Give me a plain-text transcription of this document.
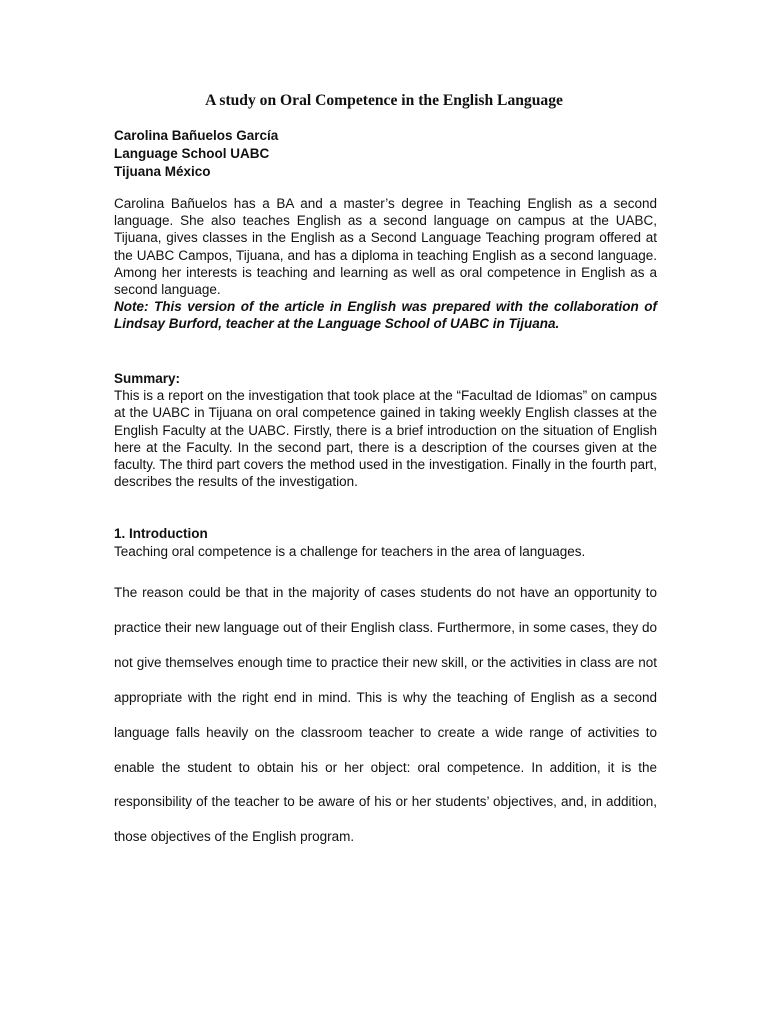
A study on Oral Competence in the English Language
Carolina Bañuelos García
Language School UABC
Tijuana México

Carolina Bañuelos has a BA and a master’s degree in Teaching English as a second language. She also teaches English as a second language on campus at the UABC, Tijuana, gives classes in the English as a Second Language Teaching program offered at the UABC Campos, Tijuana, and has a diploma in teaching English as a second language. Among her interests is teaching and learning as well as oral competence in English as a second language.

Note: This version of the article in English was prepared with the collaboration of Lindsay Burford, teacher at the Language School of UABC in Tijuana.

Summary:

This is a report on the investigation that took place at the “Facultad de Idiomas” on campus at the UABC in Tijuana on oral competence gained in taking weekly English classes at the English Faculty at the UABC. Firstly, there is a brief introduction on the situation of English here at the Faculty. In the second part, there is a description of the courses given at the faculty. The third part covers the method used in the investigation. Finally in the fourth part, describes the results of the investigation.

1. Introduction

Teaching oral competence is a challenge for teachers in the area of languages.

The reason could be that in the majority of cases students do not have an opportunity to practice their new language out of their English class. Furthermore, in some cases, they do not give themselves enough time to practice their new skill, or the activities in class are not appropriate with the right end in mind. This is why the teaching of English as a second language falls heavily on the classroom teacher to create a wide range of activities to enable the student to obtain his or her object: oral competence. In addition, it is the responsibility of the teacher to be aware of his or her students’ objectives, and, in addition, those objectives of the English program.
